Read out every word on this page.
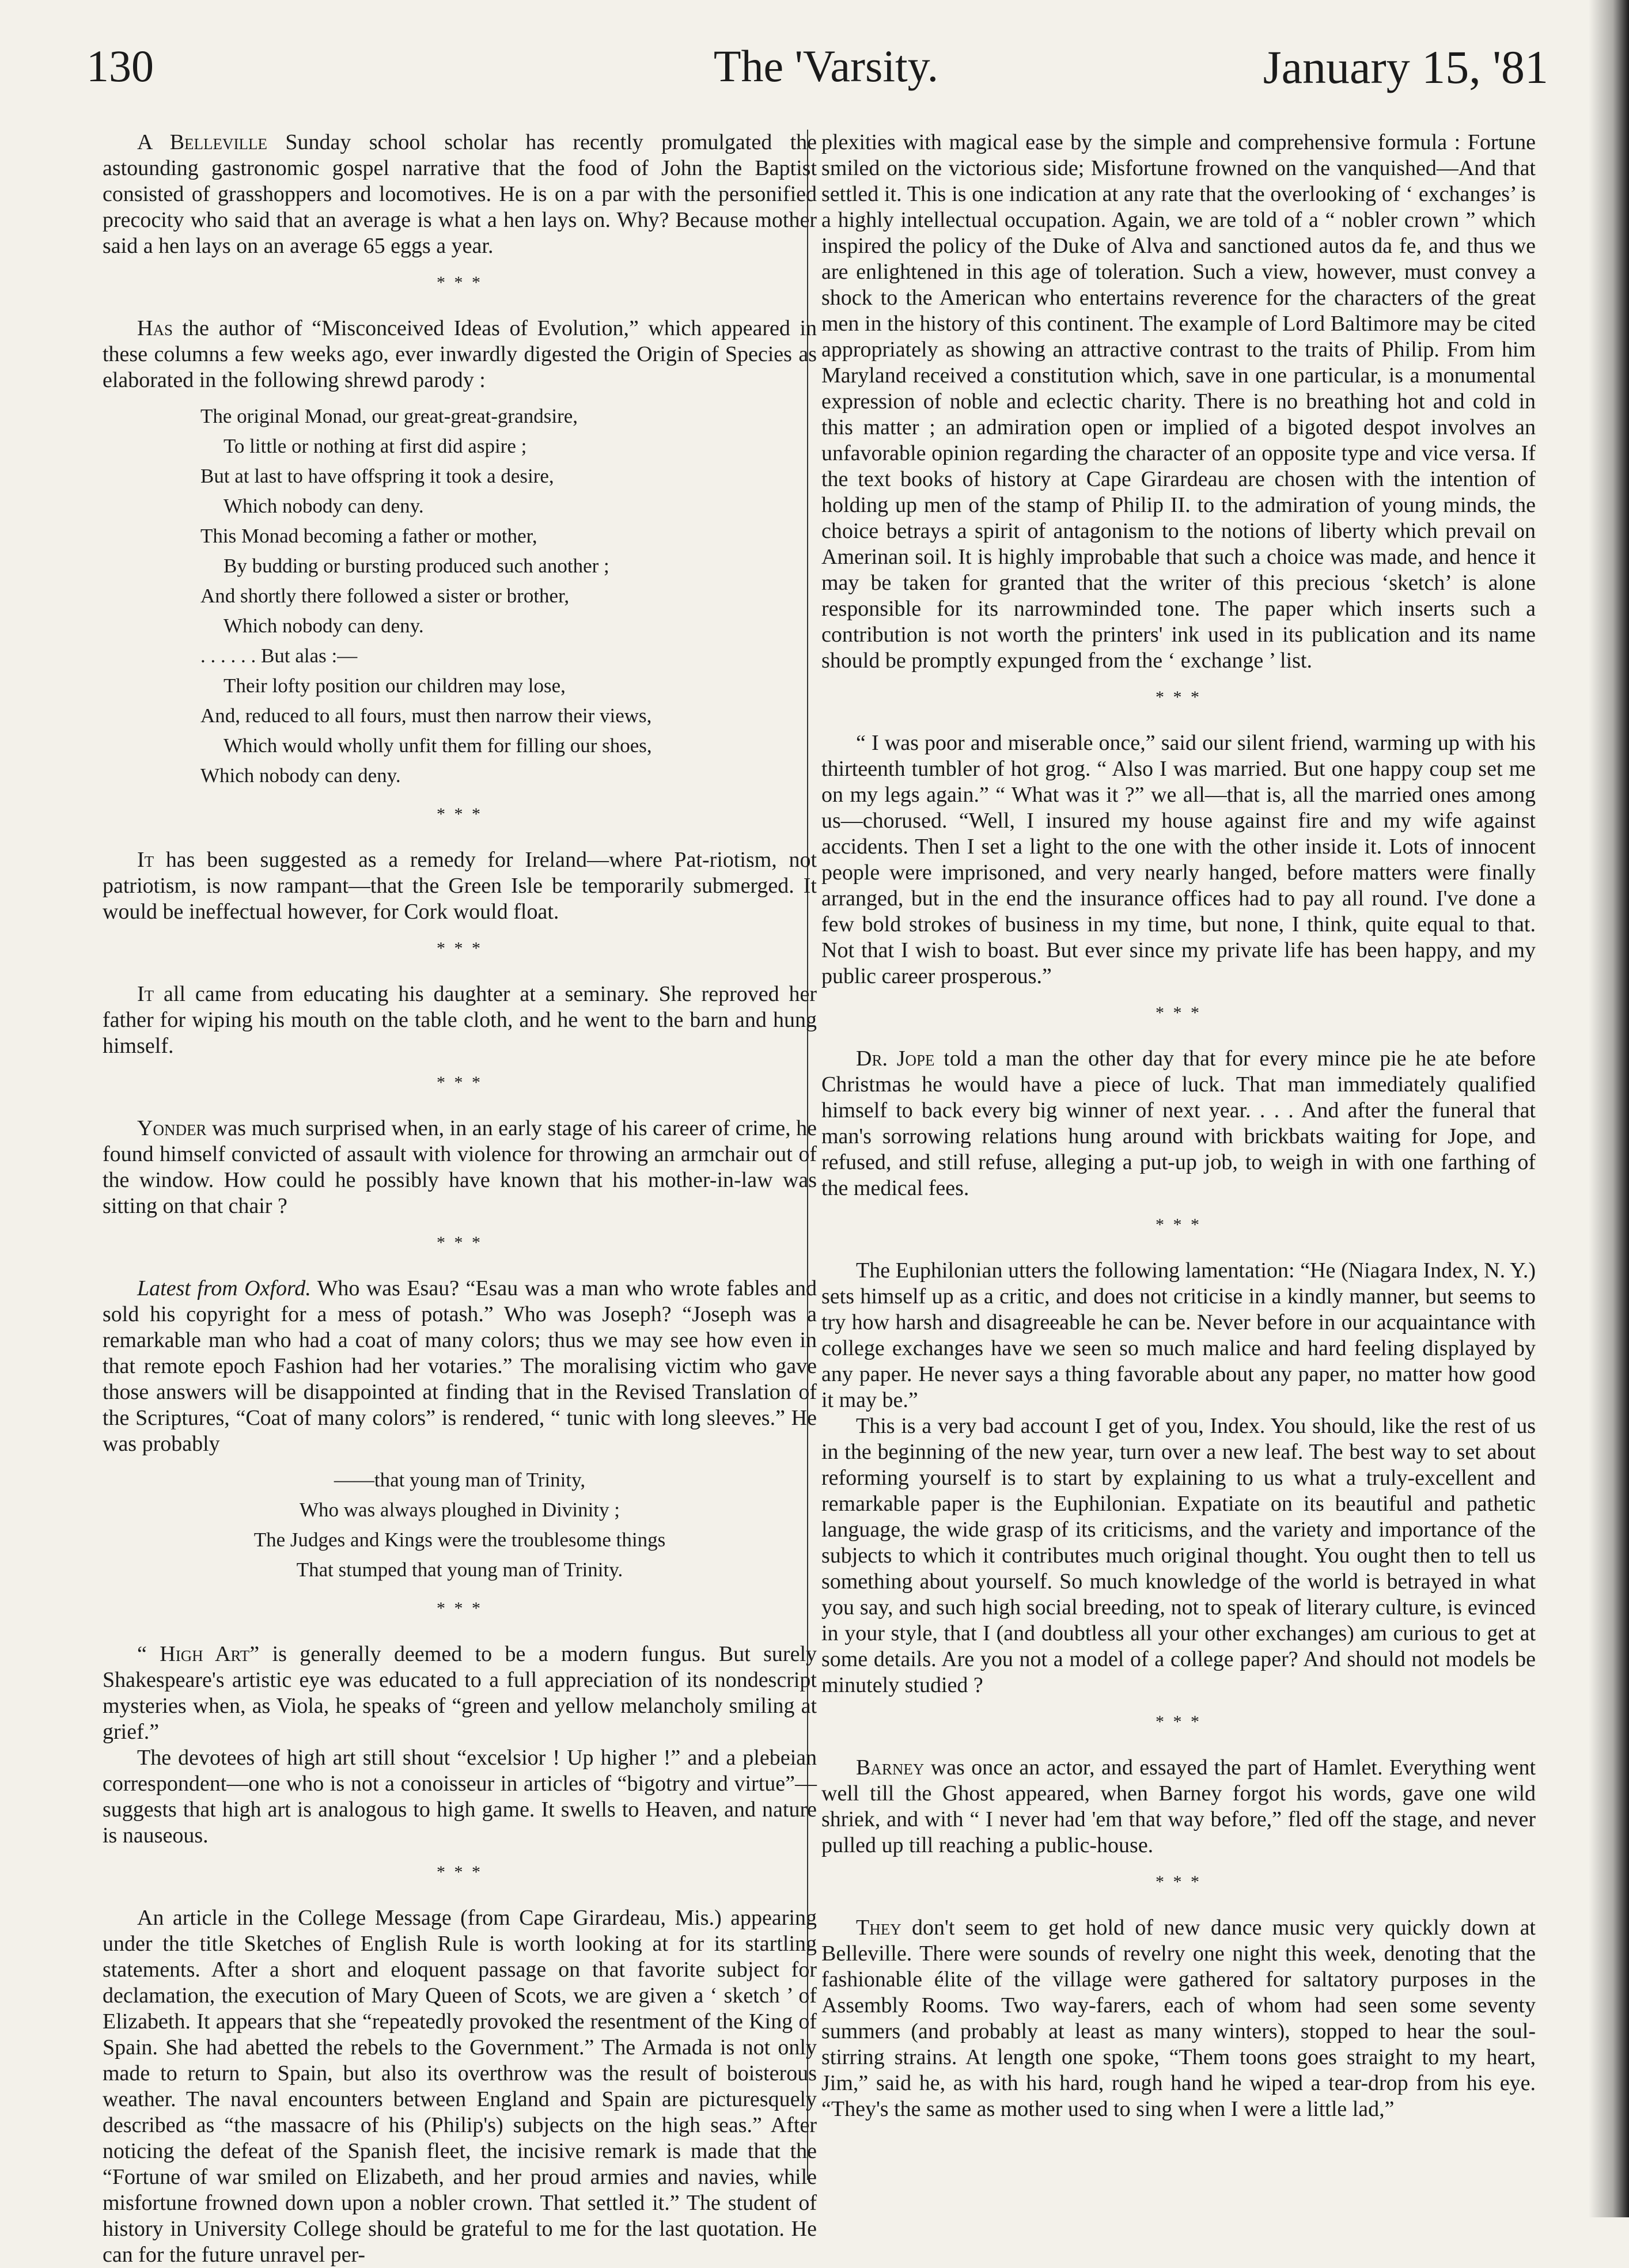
130	The 'Varsity.	January 15, '81

A Belleville Sunday school scholar has recently promulgated the astounding gastronomic gospel narrative that the food of John the Baptist consisted of grasshoppers and locomotives. He is on a par with the personified precocity who said that an average is what a hen lays on. Why? Because mother said a hen lays on an average 65 eggs a year.

* * *

Has the author of “Misconceived Ideas of Evolution,” which appeared in these columns a few weeks ago, ever inwardly digested the Origin of Species as elaborated in the following shrewd parody :

The original Monad, our great-great-grandsire,
To little or nothing at first did aspire ;
But at last to have offspring it took a desire,
Which nobody can deny.
This Monad becoming a father or mother,
By budding or bursting produced such another ;
And shortly there followed a sister or brother,
Which nobody can deny.
. . . . . . But alas :—
Their lofty position our children may lose,
And, reduced to all fours, must then narrow their views,
Which would wholly unfit them for filling our shoes,
Which nobody can deny.
* * *

It has been suggested as a remedy for Ireland—where Pat-riotism, not patriotism, is now rampant—that the Green Isle be temporarily submerged. It would be ineffectual however, for Cork would float.

* * *

It all came from educating his daughter at a seminary. She reproved her father for wiping his mouth on the table cloth, and he went to the barn and hung himself.

* * *

Yonder was much surprised when, in an early stage of his career of crime, he found himself convicted of assault with violence for throwing an armchair out of the window. How could he possibly have known that his mother-in-law was sitting on that chair ?

* * *

Latest from Oxford. Who was Esau? “Esau was a man who wrote fables and sold his copyright for a mess of potash.” Who was Joseph? “Joseph was a remarkable man who had a coat of many colors; thus we may see how even in that remote epoch Fashion had her votaries.” The moralising victim who gave those answers will be disappointed at finding that in the Revised Translation of the Scriptures, “Coat of many colors” is rendered, “ tunic with long sleeves.” He was probably

——that young man of Trinity,
Who was always ploughed in Divinity ;
The Judges and Kings were the troublesome things
That stumped that young man of Trinity.
* * *

“ High Art” is generally deemed to be a modern fungus. But surely Shakespeare's artistic eye was educated to a full appreciation of its nondescript mysteries when, as Viola, he speaks of “green and yellow melancholy smiling at grief.”

The devotees of high art still shout “excelsior ! Up higher !” and a plebeian correspondent—one who is not a conoisseur in articles of “bigotry and virtue”—suggests that high art is analogous to high game. It swells to Heaven, and nature is nauseous.

* * *

An article in the College Message (from Cape Girardeau, Mis.) appearing under the title Sketches of English Rule is worth looking at for its startling statements. After a short and eloquent passage on that favorite subject for declamation, the execution of Mary Queen of Scots, we are given a ‘ sketch ’ of Elizabeth. It appears that she “repeatedly provoked the resentment of the King of Spain. She had abetted the rebels to the Government.” The Armada is not only made to return to Spain, but also its overthrow was the result of boisterous weather. The naval encounters between England and Spain are picturesquely described as “the massacre of his (Philip's) subjects on the high seas.” After noticing the defeat of the Spanish fleet, the incisive remark is made that the “Fortune of war smiled on Elizabeth, and her proud armies and navies, while misfortune frowned down upon a nobler crown. That settled it.” The student of history in University College should be grateful to me for the last quotation. He can for the future unravel per-

plexities with magical ease by the simple and comprehensive formula : Fortune smiled on the victorious side; Misfortune frowned on the vanquished—And that settled it. This is one indication at any rate that the overlooking of ‘ exchanges’ is a highly intellectual occupation. Again, we are told of a “ nobler crown ” which inspired the policy of the Duke of Alva and sanctioned autos da fe, and thus we are enlightened in this age of toleration. Such a view, however, must convey a shock to the American who entertains reverence for the characters of the great men in the history of this continent. The example of Lord Baltimore may be cited appropriately as showing an attractive contrast to the traits of Philip. From him Maryland received a constitution which, save in one particular, is a monumental expression of noble and eclectic charity. There is no breathing hot and cold in this matter ; an admiration open or implied of a bigoted despot involves an unfavorable opinion regarding the character of an opposite type and vice versa. If the text books of history at Cape Girardeau are chosen with the intention of holding up men of the stamp of Philip II. to the admiration of young minds, the choice betrays a spirit of antagonism to the notions of liberty which prevail on Amerinan soil. It is highly improbable that such a choice was made, and hence it may be taken for granted that the writer of this precious ‘sketch’ is alone responsible for its narrowminded tone. The paper which inserts such a contribution is not worth the printers' ink used in its publication and its name should be promptly expunged from the ‘ exchange ’ list.

* * *

“ I was poor and miserable once,” said our silent friend, warming up with his thirteenth tumbler of hot grog. “ Also I was married. But one happy coup set me on my legs again.” “ What was it ?” we all—that is, all the married ones among us—chorused. “Well, I insured my house against fire and my wife against accidents. Then I set a light to the one with the other inside it. Lots of innocent people were imprisoned, and very nearly hanged, before matters were finally arranged, but in the end the insurance offices had to pay all round. I've done a few bold strokes of business in my time, but none, I think, quite equal to that. Not that I wish to boast. But ever since my private life has been happy, and my public career prosperous.”

* * *

Dr. Jope told a man the other day that for every mince pie he ate before Christmas he would have a piece of luck. That man immediately qualified himself to back every big winner of next year. . . . And after the funeral that man's sorrowing relations hung around with brickbats waiting for Jope, and refused, and still refuse, alleging a put-up job, to weigh in with one farthing of the medical fees.

* * *

The Euphilonian utters the following lamentation: “He (Niagara Index, N. Y.) sets himself up as a critic, and does not criticise in a kindly manner, but seems to try how harsh and disagreeable he can be. Never before in our acquaintance with college exchanges have we seen so much malice and hard feeling displayed by any paper. He never says a thing favorable about any paper, no matter how good it may be.”

This is a very bad account I get of you, Index. You should, like the rest of us in the beginning of the new year, turn over a new leaf. The best way to set about reforming yourself is to start by explaining to us what a truly-excellent and remarkable paper is the Euphilonian. Expatiate on its beautiful and pathetic language, the wide grasp of its criticisms, and the variety and importance of the subjects to which it contributes much original thought. You ought then to tell us something about yourself. So much knowledge of the world is betrayed in what you say, and such high social breeding, not to speak of literary culture, is evinced in your style, that I (and doubtless all your other exchanges) am curious to get at some details. Are you not a model of a college paper? And should not models be minutely studied ?

* * *

Barney was once an actor, and essayed the part of Hamlet. Everything went well till the Ghost appeared, when Barney forgot his words, gave one wild shriek, and with “ I never had 'em that way before,” fled off the stage, and never pulled up till reaching a public-house.

* * *

They don't seem to get hold of new dance music very quickly down at Belleville. There were sounds of revelry one night this week, denoting that the fashionable élite of the village were gathered for saltatory purposes in the Assembly Rooms. Two way-farers, each of whom had seen some seventy summers (and probably at least as many winters), stopped to hear the soul-stirring strains. At length one spoke, “Them toons goes straight to my heart, Jim,” said he, as with his hard, rough hand he wiped a tear-drop from his eye. “They's the same as mother used to sing when I were a little lad,”
